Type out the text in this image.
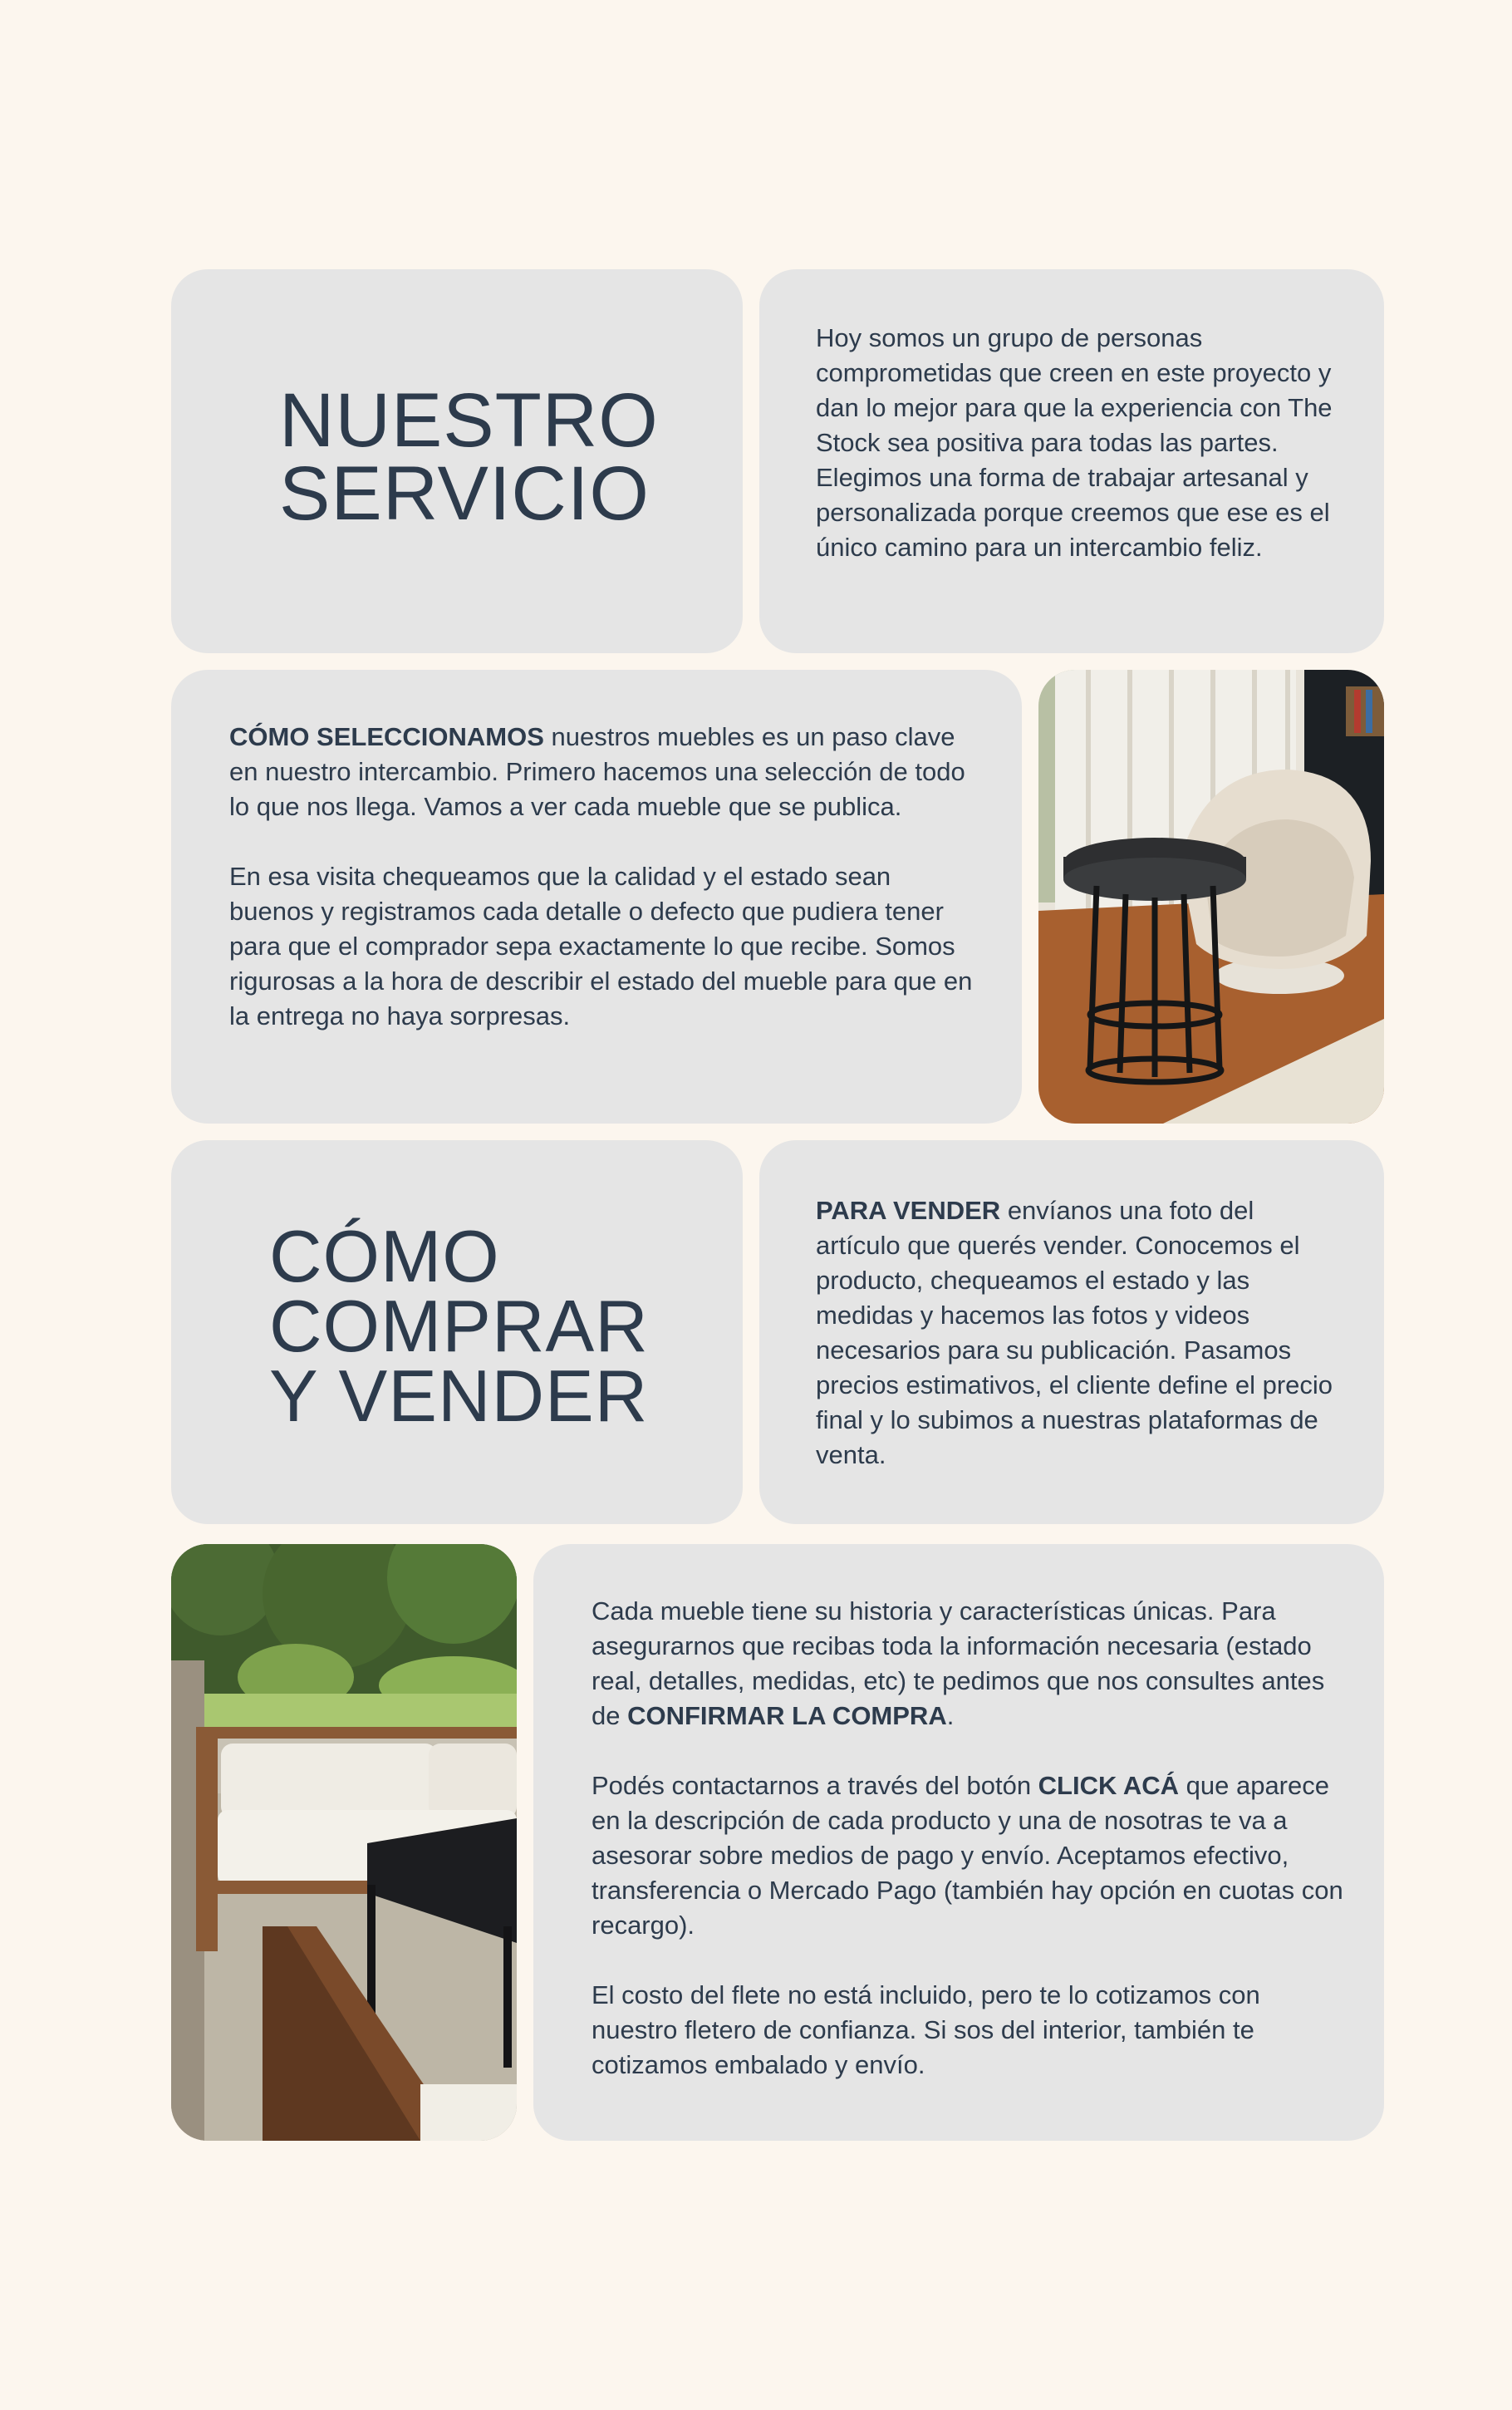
NUESTRO
SERVICIO

Hoy somos un grupo de personas comprometidas que creen en este proyecto y dan lo mejor para que la experiencia con The Stock sea positiva para todas las partes. Elegimos una forma de trabajar artesanal y personalizada porque creemos que ese es el único camino para un intercambio feliz.

CÓMO SELECCIONAMOS nuestros muebles es un paso clave en nuestro intercambio. Primero hacemos una selección de todo lo que nos llega. Vamos a ver cada mueble que se publica.

En esa visita chequeamos que la calidad y el estado sean buenos y registramos cada detalle o defecto que pudiera tener para que el comprador sepa exactamente lo que recibe. Somos rigurosas a la hora de describir el estado del mueble para que en la entrega no haya sorpresas.

CÓMO
COMPRAR
Y VENDER

PARA VENDER envíanos una foto del artículo que querés vender. Conocemos el producto, chequeamos el estado y las medidas y hacemos las fotos y videos necesarios para su publicación. Pasamos precios estimativos, el cliente define el precio final y lo subimos a nuestras plataformas de venta.

Cada mueble tiene su historia y características únicas. Para asegurarnos que recibas toda la información necesaria (estado real, detalles, medidas, etc) te pedimos que nos consultes antes de CONFIRMAR LA COMPRA.

Podés contactarnos a través del botón CLICK ACÁ que aparece en la descripción de cada producto y una de nosotras te va a asesorar sobre medios de pago y envío. Aceptamos efectivo, transferencia o Mercado Pago (también hay opción en cuotas con recargo).

El costo del flete no está incluido, pero te lo cotizamos con nuestro fletero de confianza. Si sos del interior, también te cotizamos embalado y envío.
